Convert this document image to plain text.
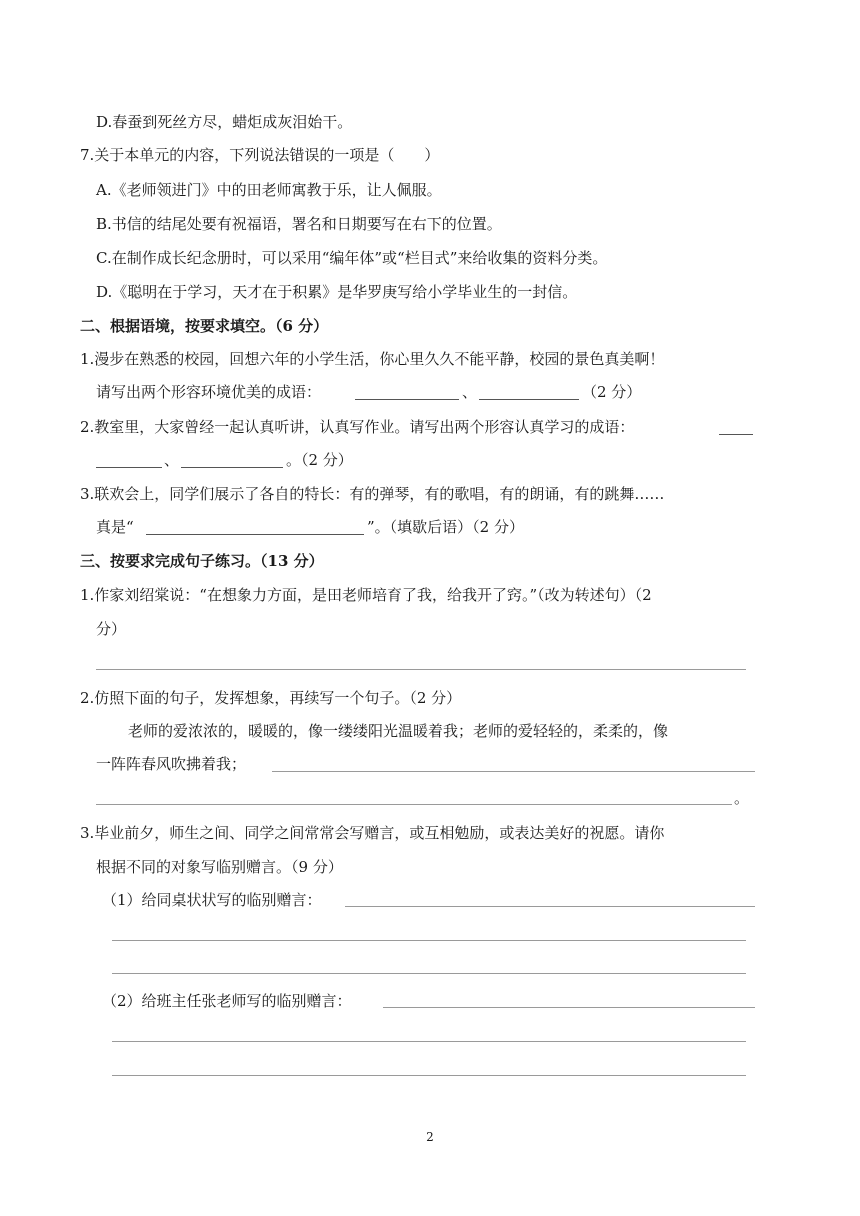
D.春蚕到死丝方尽，蜡炬成灰泪始干。
7.关于本单元的内容，下列说法错误的一项是（　　）
A.《老师领进门》中的田老师寓教于乐，让人佩服。
B.书信的结尾处要有祝福语，署名和日期要写在右下的位置。
C.在制作成长纪念册时，可以采用“编年体”或“栏目式”来给收集的资料分类。
D.《聪明在于学习，天才在于积累》是华罗庚写给小学毕业生的一封信。
二、根据语境，按要求填空。（6 分）
1.漫步在熟悉的校园，回想六年的小学生活，你心里久久不能平静，校园的景色真美啊！
请写出两个形容环境优美的成语：	、	（2 分）
2.教室里，大家曾经一起认真听讲，认真写作业。请写出两个形容认真学习的成语：
、	。（2 分）
3.联欢会上，同学们展示了各自的特长：有的弹琴，有的歌唱，有的朗诵，有的跳舞……
真是“	”。（填歇后语）（2 分）
三、按要求完成句子练习。（13 分）
1.作家刘绍棠说：“在想象力方面，是田老师培育了我，给我开了窍。”（改为转述句）（2
分）
2.仿照下面的句子，发挥想象，再续写一个句子。（2 分）
老师的爱浓浓的，暖暖的，像一缕缕阳光温暖着我；老师的爱轻轻的，柔柔的，像
一阵阵春风吹拂着我；
。
3.毕业前夕，师生之间、同学之间常常会写赠言，或互相勉励，或表达美好的祝愿。请你
根据不同的对象写临别赠言。（9 分）
（1）给同桌状状写的临别赠言：
（2）给班主任张老师写的临别赠言：
2
